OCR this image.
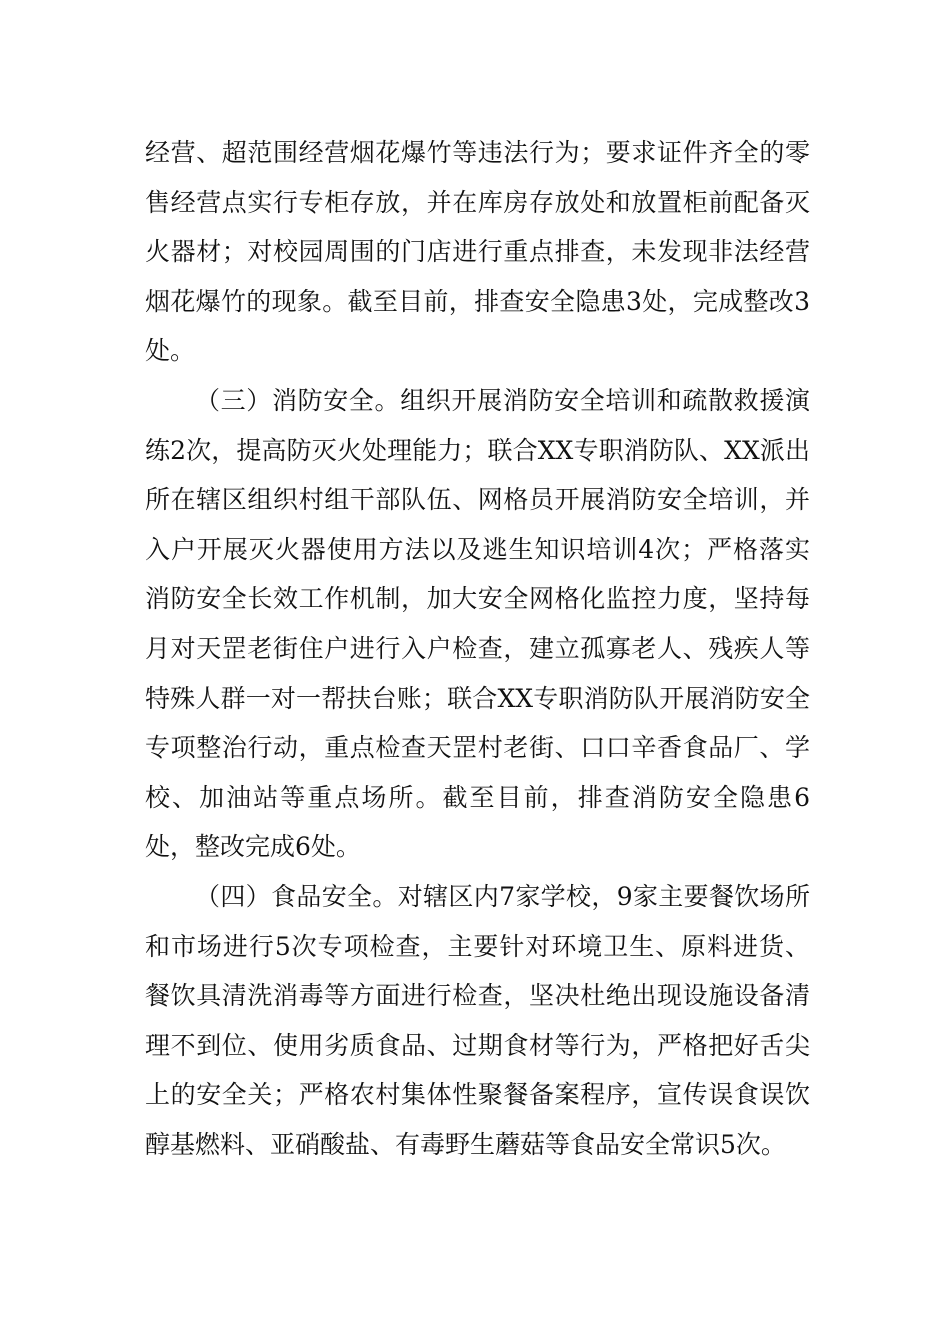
经营、超范围经营烟花爆竹等违法行为；要求证件齐全的零售经营点实行专柜存放，并在库房存放处和放置柜前配备灭火器材；对校园周围的门店进行重点排查，未发现非法经营烟花爆竹的现象。截至目前，排查安全隐患3处，完成整改3处。

（三）消防安全。组织开展消防安全培训和疏散救援演练2次，提高防灭火处理能力；联合XX专职消防队、XX派出所在辖区组织村组干部队伍、网格员开展消防安全培训，并入户开展灭火器使用方法以及逃生知识培训4次；严格落实消防安全长效工作机制，加大安全网格化监控力度，坚持每月对天罡老街住户进行入户检查，建立孤寡老人、残疾人等特殊人群一对一帮扶台账；联合XX专职消防队开展消防安全专项整治行动，重点检查天罡村老街、口口辛香食品厂、学校、加油站等重点场所。截至目前，排查消防安全隐患6处，整改完成6处。

（四）食品安全。对辖区内7家学校，9家主要餐饮场所和市场进行5次专项检查，主要针对环境卫生、原料进货、餐饮具清洗消毒等方面进行检查，坚决杜绝出现设施设备清理不到位、使用劣质食品、过期食材等行为，严格把好舌尖上的安全关；严格农村集体性聚餐备案程序，宣传误食误饮醇基燃料、亚硝酸盐、有毒野生蘑菇等食品安全常识5次。
